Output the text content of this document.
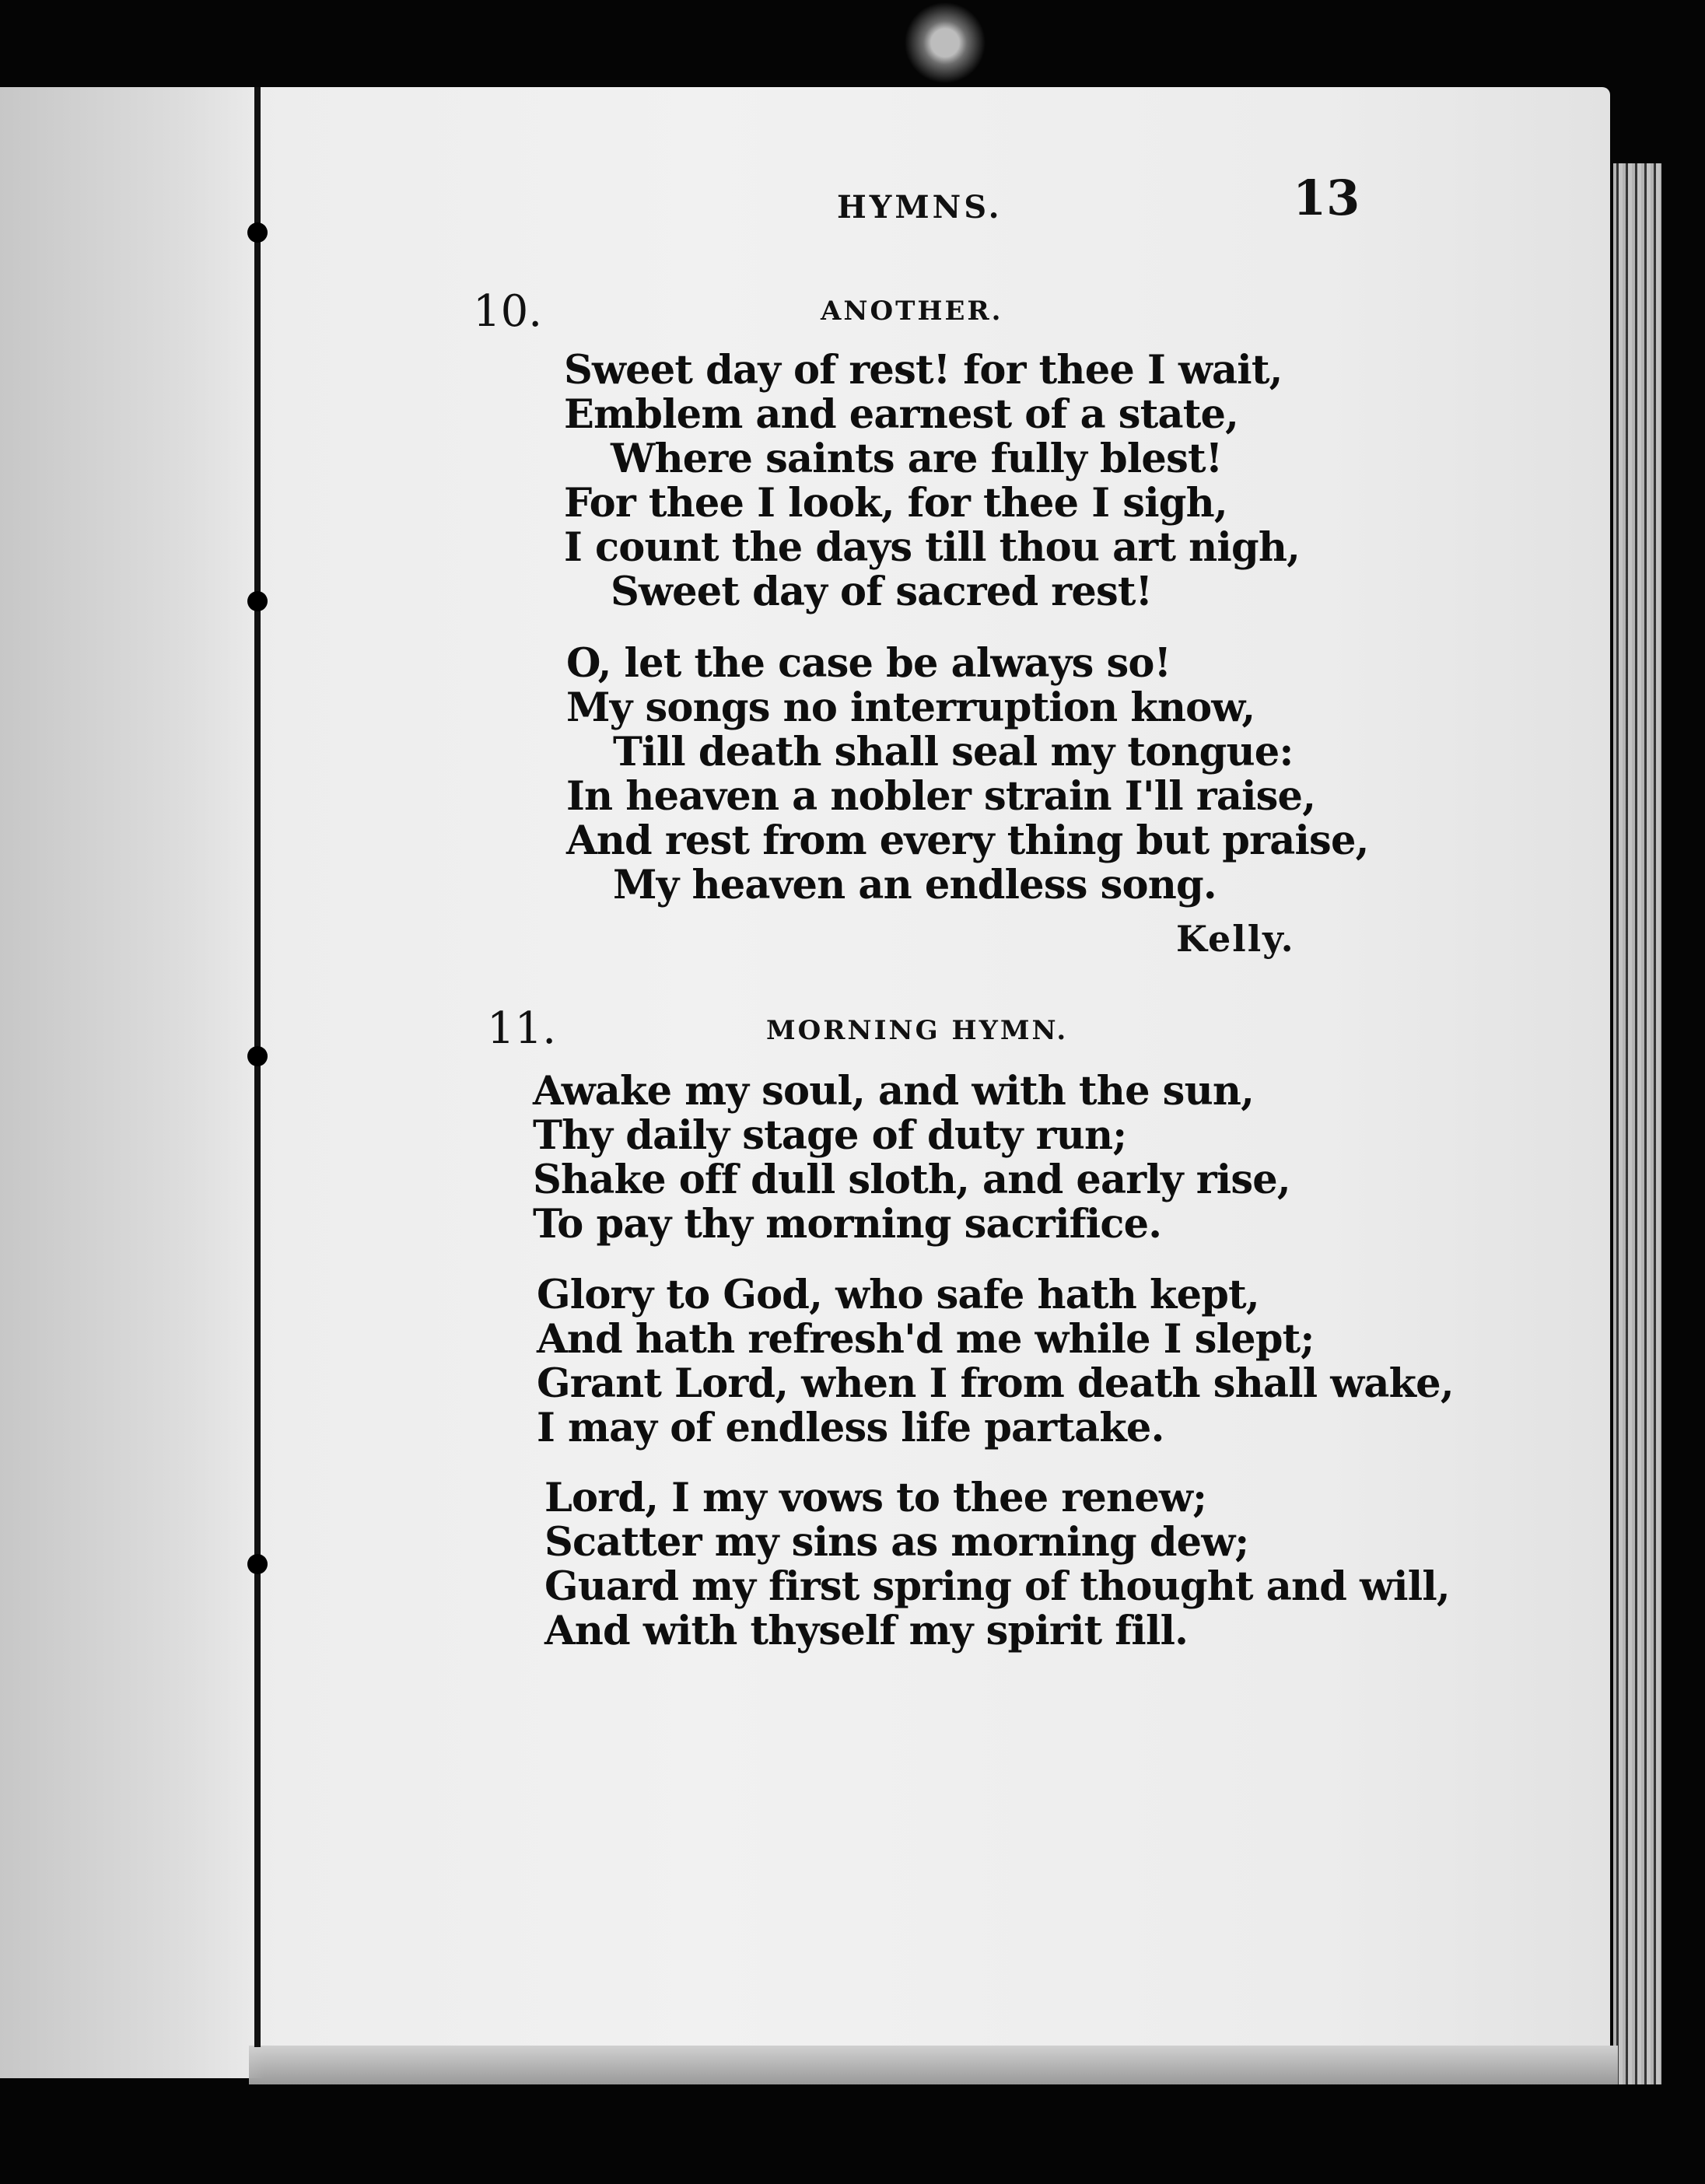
HYMNS.	13
10.	ANOTHER.
Sweet day of rest! for thee I wait,
Emblem and earnest of a state,
Where saints are fully blest!
For thee I look, for thee I sigh,
I count the days till thou art nigh,
Sweet day of sacred rest!
O, let the case be always so!
My songs no interruption know,
Till death shall seal my tongue:
In heaven a nobler strain I'll raise,
And rest from every thing but praise,
My heaven an endless song.
Kelly.
11.	MORNING HYMN.
Awake my soul, and with the sun,
Thy daily stage of duty run;
Shake off dull sloth, and early rise,
To pay thy morning sacrifice.
Glory to God, who safe hath kept,
And hath refresh'd me while I slept;
Grant Lord, when I from death shall wake,
I may of endless life partake.
Lord, I my vows to thee renew;
Scatter my sins as morning dew;
Guard my first spring of thought and will,
And with thyself my spirit fill.
